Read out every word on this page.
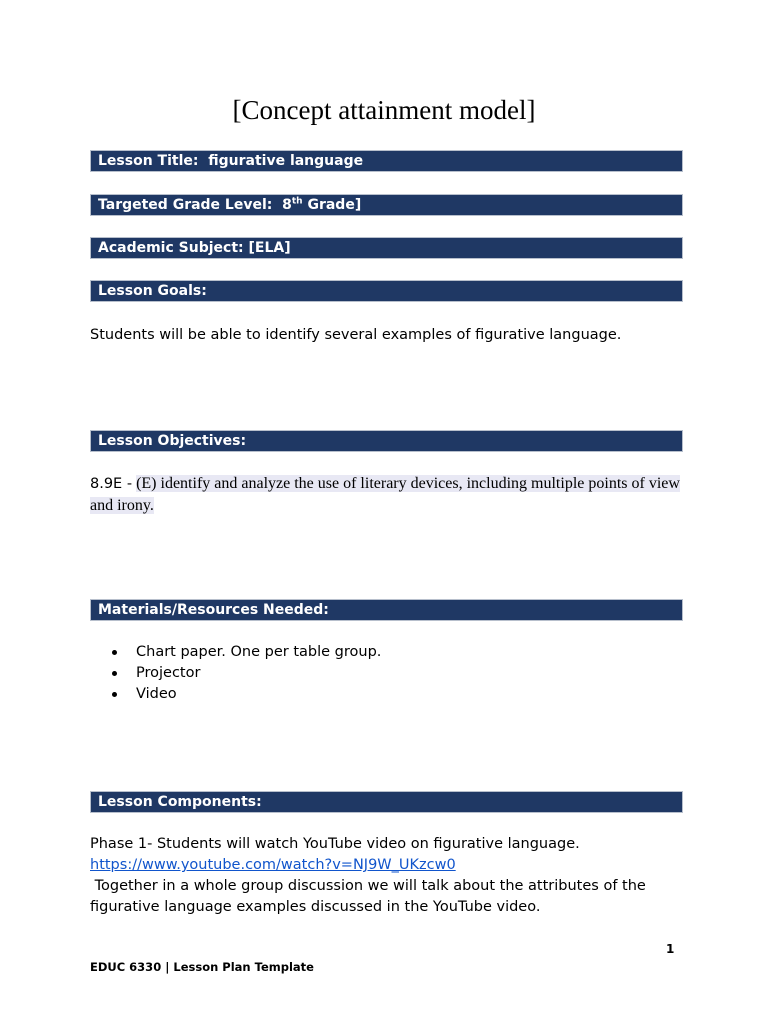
[Concept attainment model]
Lesson Title: figurative language
Targeted Grade Level: 8th Grade]
Academic Subject: [ELA]
Lesson Goals:
Students will be able to identify several examples of figurative language.
Lesson Objectives:
8.9E - (E) identify and analyze the use of literary devices, including multiple points of view and irony.
Materials/Resources Needed:
Chart paper. One per table group.
Projector
Video
Lesson Components:
Phase 1- Students will watch YouTube video on figurative language.
https://www.youtube.com/watch?v=NJ9W_UKzcw0
Together in a whole group discussion we will talk about the attributes of the figurative language examples discussed in the YouTube video.
1
EDUC 6330 | Lesson Plan Template
